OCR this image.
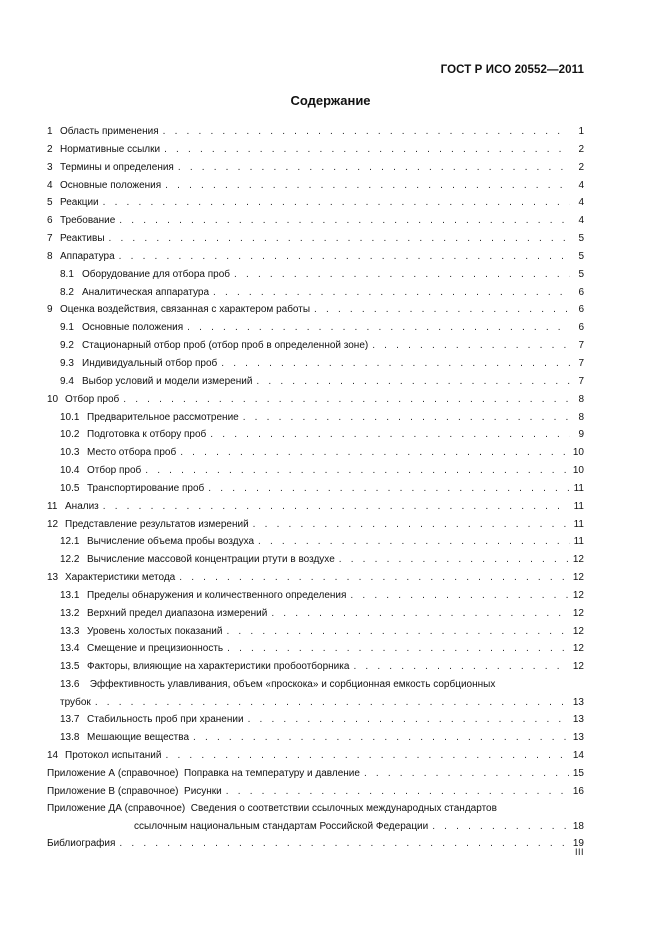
ГОСТ Р ИСО 20552—2011
Содержание
1 Область применения . . .	1
2 Нормативные ссылки . . .	2
3 Термины и определения . . .	2
4 Основные положения . . .	4
5 Реакции . . .	4
6 Требование . . .	4
7 Реактивы . . .	5
8 Аппаратура . . .	5
8.1 Оборудование для отбора проб . . .	5
8.2 Аналитическая аппаратура . . .	6
9 Оценка воздействия, связанная с характером работы . . .	6
9.1 Основные положения . . .	6
9.2 Стационарный отбор проб (отбор проб в определенной зоне) . . .	7
9.3 Индивидуальный отбор проб . . .	7
9.4 Выбор условий и модели измерений . . .	7
10 Отбор проб . . .	8
10.1 Предварительное рассмотрение . . .	8
10.2 Подготовка к отбору проб . . .	9
10.3 Место отбора проб . . .	10
10.4 Отбор проб . . .	10
10.5 Транспортирование проб . . .	11
11 Анализ . . .	11
12 Представление результатов измерений . . .	11
12.1 Вычисление объема пробы воздуха . . .	11
12.2 Вычисление массовой концентрации ртути в воздухе . . .	12
13 Характеристики метода . . .	12
13.1 Пределы обнаружения и количественного определения . . .	12
13.2 Верхний предел диапазона измерений . . .	12
13.3 Уровень холостых показаний . . .	12
13.4 Смещение и прецизионность . . .	12
13.5 Факторы, влияющие на характеристики пробоотборника . . .	12
13.6 Эффективность улавливания, объем «проскока» и сорбционная емкость сорбционных
трубок . . .	13
13.7 Стабильность проб при хранении . . .	13
13.8 Мешающие вещества . . .	13
14 Протокол испытаний . . .	14
Приложение А (справочное)  Поправка на температуру и давление . . .	15
Приложение В (справочное)  Рисунки . . .	16
Приложение ДА (справочное)  Сведения о соответствии ссылочных международных стандартов
ссылочным национальным стандартам Российской Федерации . . .	18
Библиография . . .	19
III
